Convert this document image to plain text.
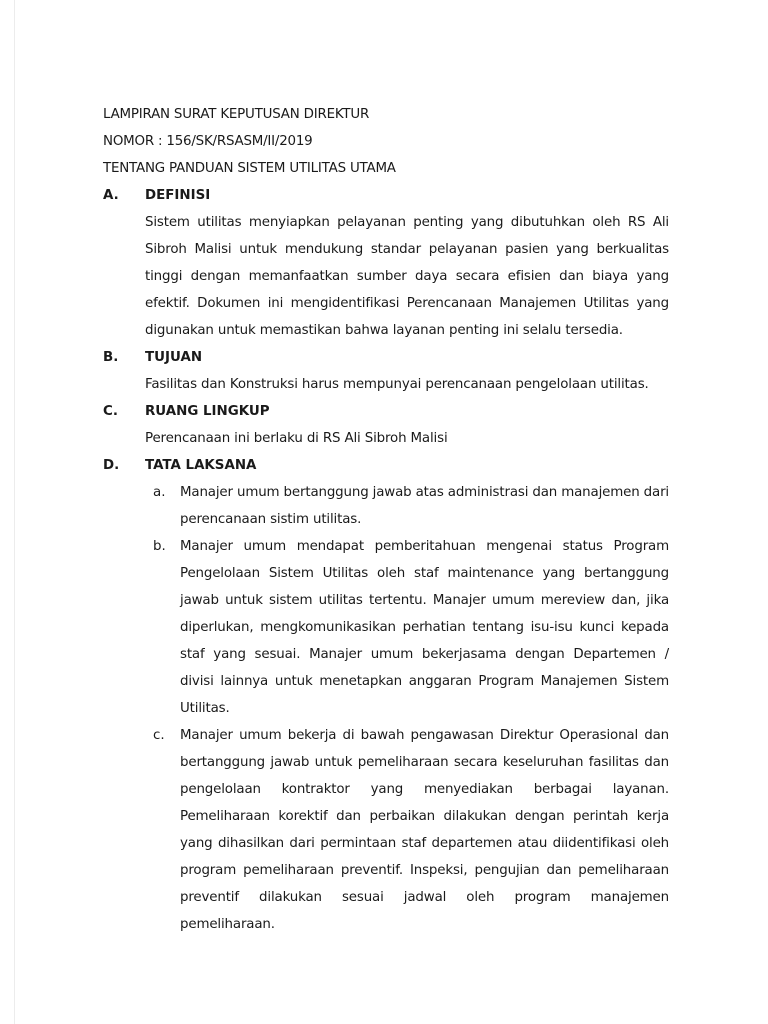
LAMPIRAN SURAT KEPUTUSAN DIREKTUR
NOMOR : 156/SK/RSASM/II/2019
TENTANG PANDUAN SISTEM UTILITAS UTAMA
A. DEFINISI

Sistem utilitas menyiapkan pelayanan penting yang dibutuhkan oleh RS Ali Sibroh Malisi untuk mendukung standar pelayanan pasien yang berkualitas tinggi dengan memanfaatkan sumber daya secara efisien dan biaya yang efektif. Dokumen ini mengidentifikasi Perencanaan Manajemen Utilitas yang digunakan untuk memastikan bahwa layanan penting ini selalu tersedia.

B. TUJUAN

Fasilitas dan Konstruksi harus mempunyai perencanaan pengelolaan utilitas.

C. RUANG LINGKUP

Perencanaan ini berlaku di RS Ali Sibroh Malisi

D. TATA LAKSANA
a. Manajer umum bertanggung jawab atas administrasi dan manajemen dari perencanaan sistim utilitas.

b. Manajer umum mendapat pemberitahuan mengenai status Program Pengelolaan Sistem Utilitas oleh staf maintenance yang bertanggung jawab untuk sistem utilitas tertentu. Manajer umum mereview dan, jika diperlukan, mengkomunikasikan perhatian tentang isu-isu kunci kepada staf yang sesuai. Manajer umum bekerjasama dengan Departemen / divisi lainnya untuk menetapkan anggaran Program Manajemen Sistem Utilitas.

c. Manajer umum bekerja di bawah pengawasan Direktur Operasional dan bertanggung jawab untuk pemeliharaan secara keseluruhan fasilitas dan pengelolaan kontraktor yang menyediakan berbagai layanan. Pemeliharaan korektif dan perbaikan dilakukan dengan perintah kerja yang dihasilkan dari permintaan staf departemen atau diidentifikasi oleh program pemeliharaan preventif. Inspeksi, pengujian dan pemeliharaan preventif dilakukan sesuai jadwal oleh program manajemen pemeliharaan.
